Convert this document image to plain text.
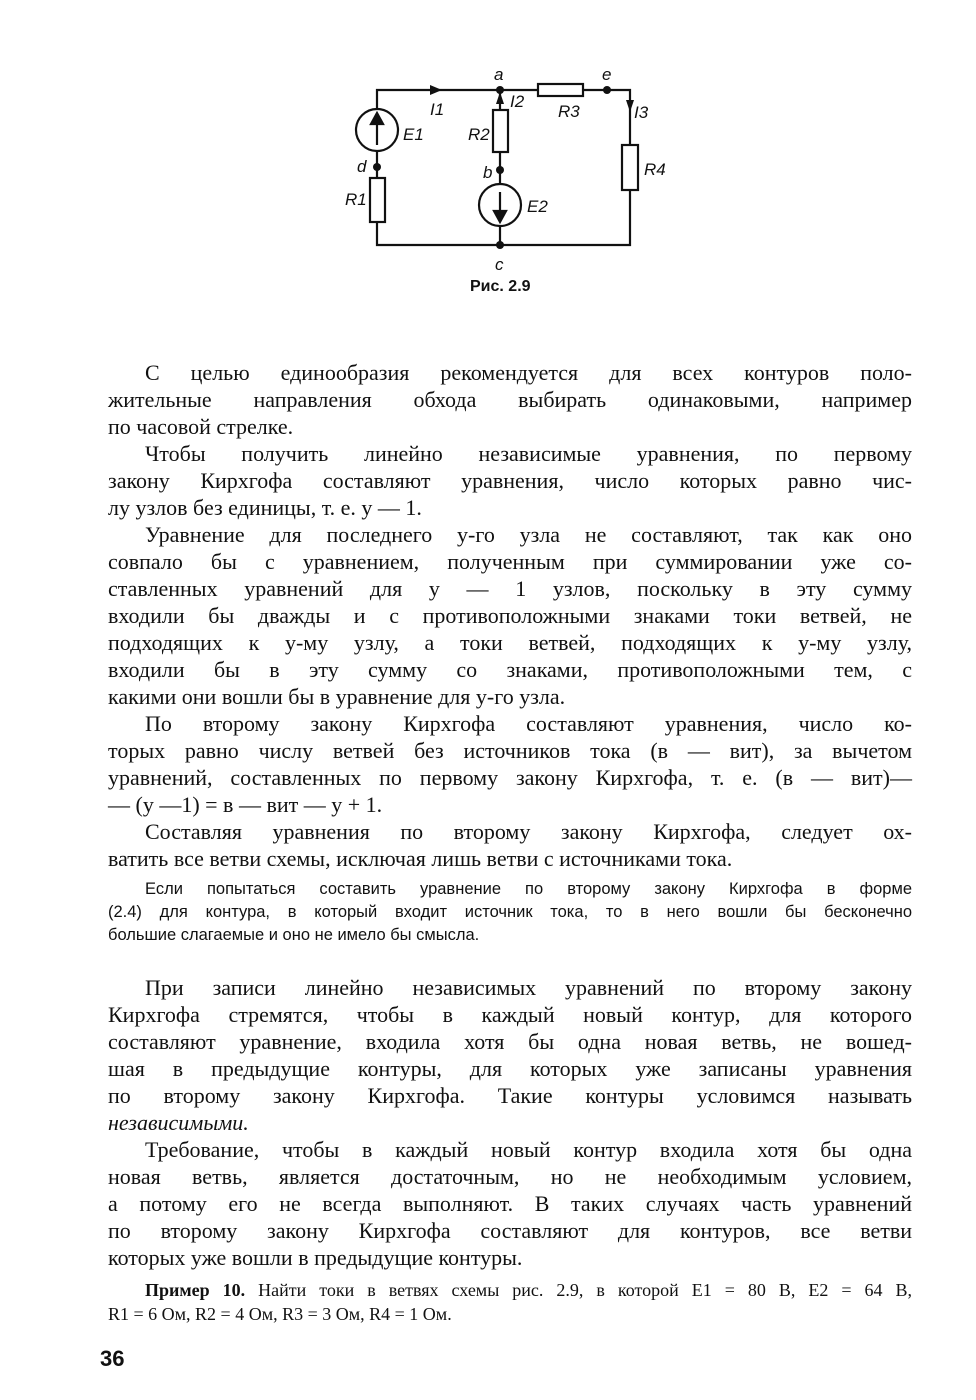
a	e
d	b
c
I1	I2
I3
E1
E2
R1
R2
R3
R4
Рис. 2.9
С целью единообразия рекомендуется для всех контуров поло-
жительные направления обхода выбирать одинаковыми, например
по часовой стрелке.
Чтобы получить линейно независимые уравнения, по первому
закону Кирхгофа составляют уравнения, число которых равно чис-
лу узлов без единицы, т. е. у — 1.
Уравнение для последнего у-го узла не составляют, так как оно
совпало бы с уравнением, полученным при суммировании уже со-
ставленных уравнений для у — 1 узлов, поскольку в эту сумму
входили бы дважды и с противоположными знаками токи ветвей, не
подходящих к у-му узлу, а токи ветвей, подходящих к у-му узлу,
входили бы в эту сумму со знаками, противоположными тем, с
какими они вошли бы в уравнение для у-го узла.
По второму закону Кирхгофа составляют уравнения, число ко-
торых равно числу ветвей без источников тока (в — вит), за вычетом
уравнений, составленных по первому закону Кирхгофа, т. е. (в — вит)—
— (у —1) = в — вит — у + 1.
Составляя уравнения по второму закону Кирхгофа, следует ох-
ватить все ветви схемы, исключая лишь ветви с источниками тока.
При записи линейно независимых уравнений по второму закону
Кирхгофа стремятся, чтобы в каждый новый контур, для которого
составляют уравнение, входила хотя бы одна новая ветвь, не вошед-
шая в предыдущие контуры, для которых уже записаны уравнения
по второму закону Кирхгофа. Такие контуры условимся называть
независимыми.
Требование, чтобы в каждый новый контур входила хотя бы одна
новая ветвь, является достаточным, но не необходимым условием,
а потому его не всегда выполняют. В таких случаях часть уравнений
по второму закону Кирхгофа составляют для контуров, все ветви
которых уже вошли в предыдущие контуры.
Если попытаться составить уравнение по второму закону Кирхгофа в форме
(2.4) для контура, в который входит источник тока, то в него вошли бы бесконечно
большие слагаемые и оно не имело бы смысла.
Пример 10. Найти токи в ветвях схемы рис. 2.9, в которой E1 = 80 В, E2 = 64 В,
R1 = 6 Ом, R2 = 4 Ом, R3 = 3 Ом, R4 = 1 Ом.
36
